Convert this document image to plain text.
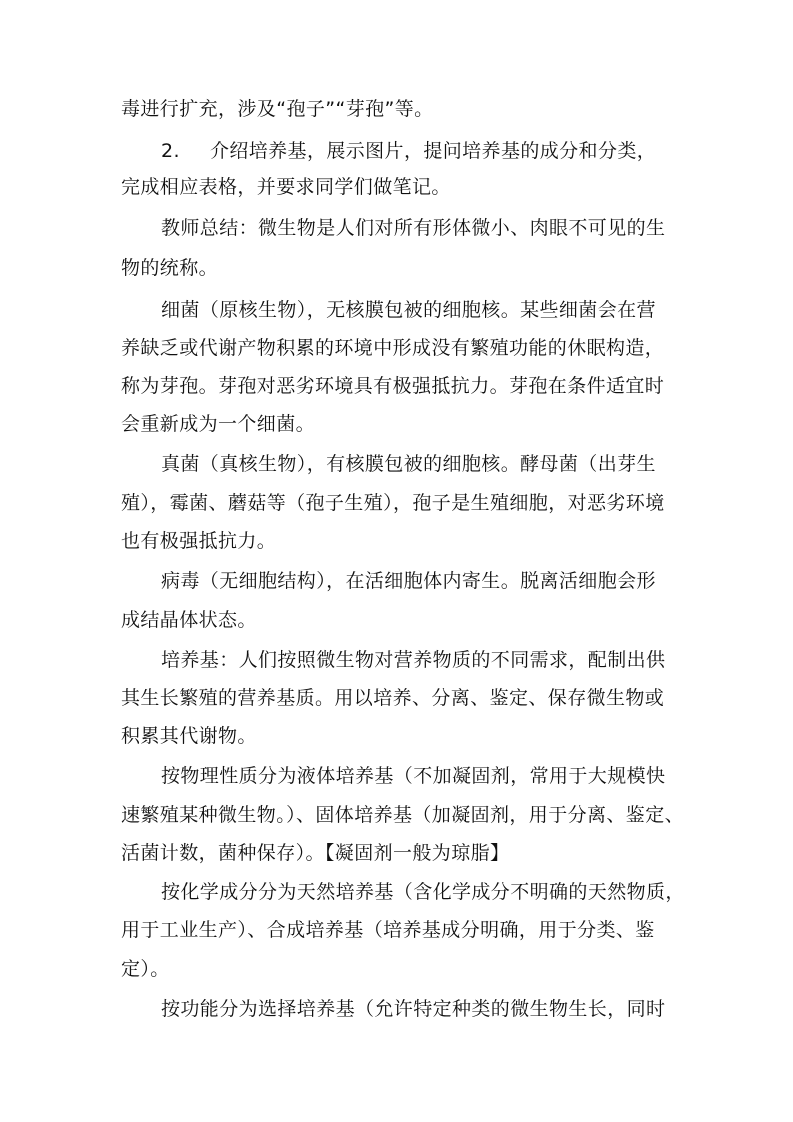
毒进行扩充，涉及“孢子”“芽孢”等。
2. 介绍培养基，展示图片，提问培养基的成分和分类，
完成相应表格，并要求同学们做笔记。
教师总结：微生物是人们对所有形体微小、肉眼不可见的生
物的统称。
细菌（原核生物），无核膜包被的细胞核。某些细菌会在营
养缺乏或代谢产物积累的环境中形成没有繁殖功能的休眠构造，
称为芽孢。芽孢对恶劣环境具有极强抵抗力。芽孢在条件适宜时
会重新成为一个细菌。
真菌（真核生物），有核膜包被的细胞核。酵母菌（出芽生
殖），霉菌、蘑菇等（孢子生殖），孢子是生殖细胞，对恶劣环境
也有极强抵抗力。
病毒（无细胞结构），在活细胞体内寄生。脱离活细胞会形
成结晶体状态。
培养基：人们按照微生物对营养物质的不同需求，配制出供
其生长繁殖的营养基质。用以培养、分离、鉴定、保存微生物或
积累其代谢物。
按物理性质分为液体培养基（不加凝固剂，常用于大规模快
速繁殖某种微生物。）、固体培养基（加凝固剂，用于分离、鉴定、
活菌计数，菌种保存）。【凝固剂一般为琼脂】
按化学成分分为天然培养基（含化学成分不明确的天然物质，
用于工业生产）、合成培养基（培养基成分明确，用于分类、鉴
定）。
按功能分为选择培养基（允许特定种类的微生物生长，同时
